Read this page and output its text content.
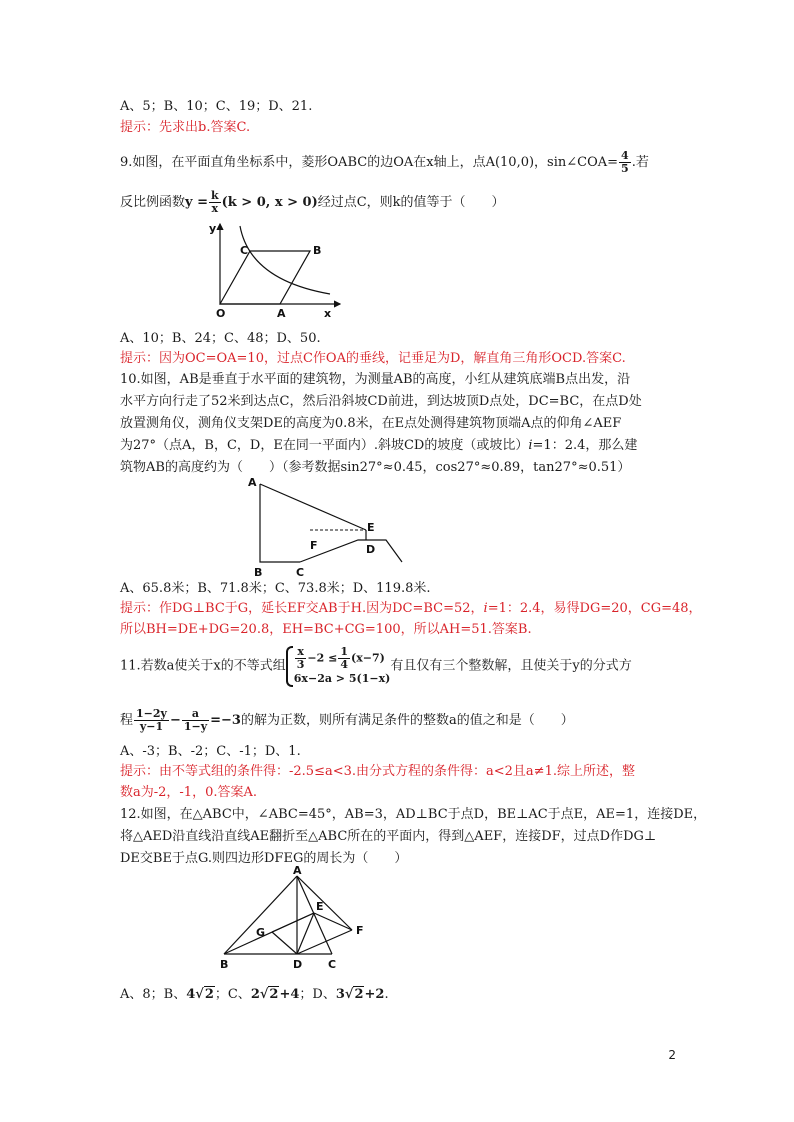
A、5；B、10；C、19；D、21.
提示：先求出b.答案C.
9.如图，在平面直角坐标系中，菱形OABC的边OA在x轴上，点A(10,0)，sin∠COA= $\frac{4}{5}$ .若
反比例函数$y = \frac{k}{x} (k > 0$, x > 0)经过点C，则k的值等于（　　）
y
x
O	A
B
C
A、10；B、24；C、48；D、50.
提示：因为OC=OA=10，过点C作OA的垂线，记垂足为D，解直角三角形OCD.答案C.
10.如图，AB是垂直于水平面的建筑物，为测量AB的高度，小红从建筑底端B点出发，沿
水平方向行走了52米到达点C，然后沿斜坡CD前进，到达坡顶D点处，DC=BC，在点D处
放置测角仪，测角仪支架DE的高度为0.8米，在E点处测得建筑物顶端A点的仰角∠AEF
为27°（点A，B，C，D，E在同一平面内）.斜坡CD的坡度（或坡比）i=1：2.4，那么建
筑物AB的高度约为（　　）（参考数据sin27°≈0.45，cos27°≈0.89，tan27°≈0.51）
A
B	C
D
E
F
A、65.8米；B、71.8米；C、73.8米；D、119.8米.
提示：作DG⊥BC于G，延长EF交AB于H.因为DC=BC=52，i=1：2.4，易得DG=20，CG=48，
所以BH=DE+DG=20.8，EH=BC+CG=100，所以AH=51.答案B.
11.若数a使关于x的不等式组 $\frac{x}{3} -2 \le \frac{1}{4} (x-7)$
6x−2a > 5(1−x)
有且仅有三个整数解，且使关于y的分式方
程 $\frac{1-2y}{y-1} - \frac{a}{1-y} =-3$的解为正数，则所有满足条件的整数a的值之和是（　　）
A、-3；B、-2；C、-1；D、1.
提示：由不等式组的条件得：-2.5≤a<3.由分式方程的条件得：a<2且a≠1.综上所述，整
数a为-2，-1，0.答案A.
12.如图，在△ABC中，∠ABC=45°，AB=3，AD⊥BC于点D，BE⊥AC于点E，AE=1，连接DE，
将△AED沿直线沿直线AE翻折至△ABC所在的平面内，得到△AEF，连接DF，过点D作DG⊥
DE交BE于点G.则四边形DFEG的周长为（　　）
A
B	C
D
E
F
G
A、8；B、4√2；C、2√2+4；D、3√2+2.
2
